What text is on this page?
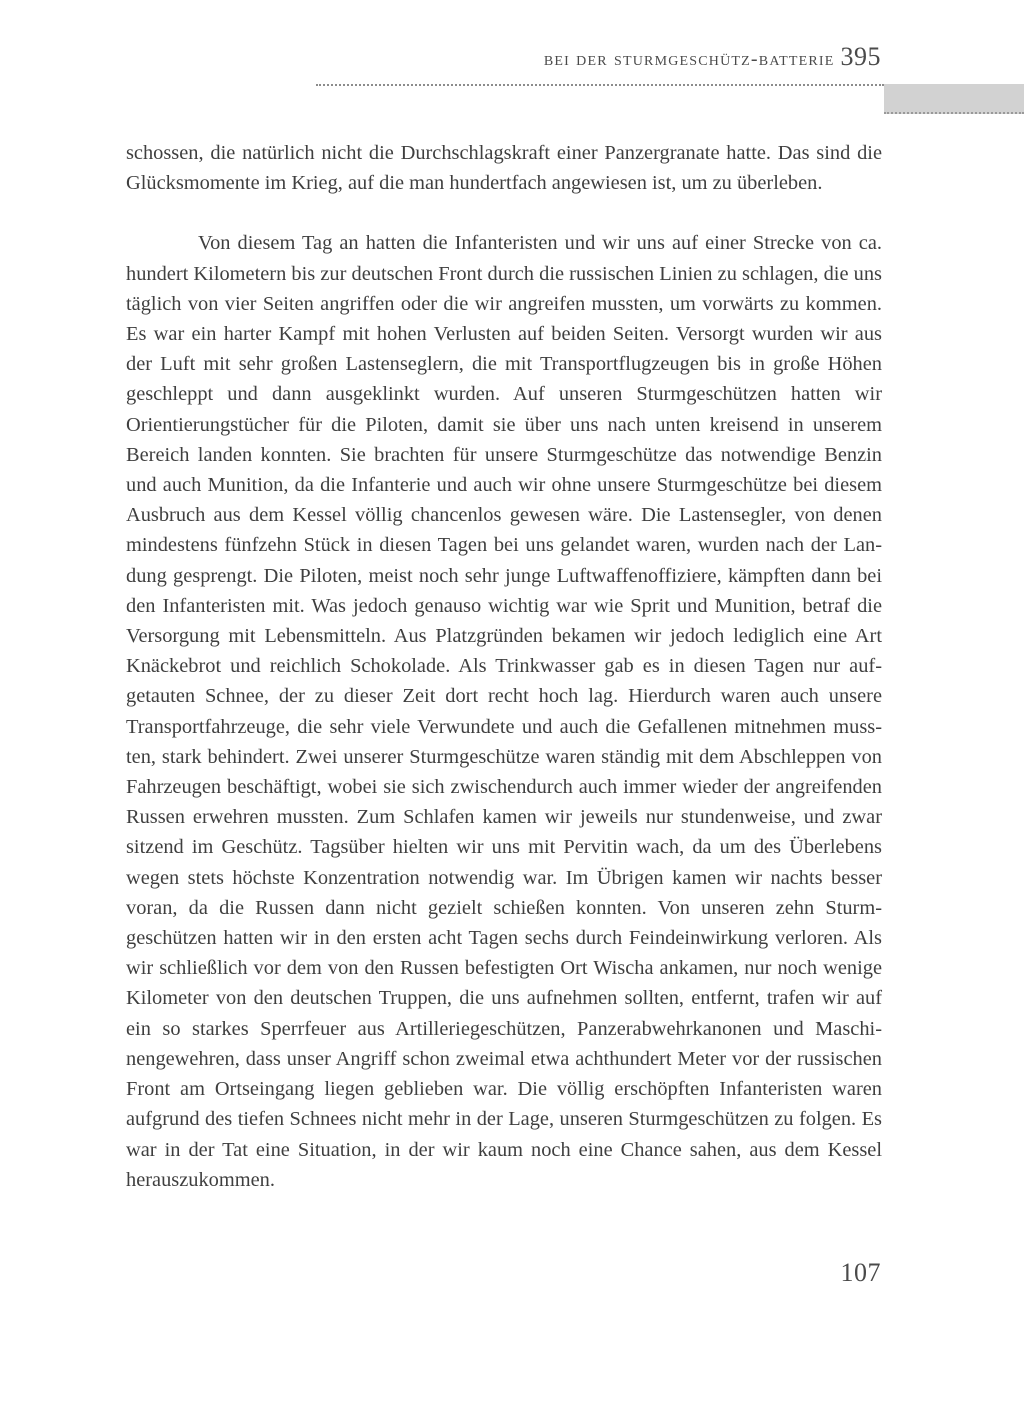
bei der sturmgeschütz-batterie 395

schossen, die natürlich nicht die Durchschlagskraft einer Panzergranate hatte. Das sind die Glücksmomente im Krieg, auf die man hundertfach angewiesen ist, um zu überleben.

Von diesem Tag an hatten die Infanteristen und wir uns auf einer Strecke von ca. hundert Kilometern bis zur deutschen Front durch die russischen Linien zu schlagen, die uns täglich von vier Seiten angriffen oder die wir angreifen mussten, um vorwärts zu kommen. Es war ein harter Kampf mit hohen Verlusten auf beiden Seiten. Versorgt wurden wir aus der Luft mit sehr großen Lastenseglern, die mit Transportflugzeugen bis in große Höhen geschleppt und dann ausgeklinkt wurden. Auf unseren Sturmgeschützen hatten wir Orientierungstücher für die Piloten, damit sie über uns nach unten kreisend in unserem Bereich landen konnten. Sie brachten für unsere Sturmgeschütze das notwendige Benzin und auch Munition, da die Infanterie und auch wir ohne unsere Sturmgeschütze bei diesem Ausbruch aus dem Kessel völlig chancenlos gewesen wäre. Die Lastensegler, von denen mindestens fünfzehn Stück in diesen Tagen bei uns gelandet waren, wurden nach der Landung gesprengt. Die Piloten, meist noch sehr junge Luftwaffenoffiziere, kämpften dann bei den Infanteristen mit. Was jedoch genauso wichtig war wie Sprit und Munition, betraf die Versorgung mit Lebensmitteln. Aus Platzgründen bekamen wir jedoch lediglich eine Art Knäckebrot und reichlich Schokolade. Als Trinkwasser gab es in diesen Tagen nur aufgetauten Schnee, der zu dieser Zeit dort recht hoch lag. Hierdurch waren auch unsere Transportfahrzeuge, die sehr viele Verwundete und auch die Gefallenen mitnehmen mussten, stark behindert. Zwei unserer Sturmgeschütze waren ständig mit dem Abschleppen von Fahrzeugen beschäftigt, wobei sie sich zwischendurch auch immer wieder der angreifenden Russen erwehren mussten. Zum Schlafen kamen wir jeweils nur stundenweise, und zwar sitzend im Geschütz. Tagsüber hielten wir uns mit Pervitin wach, da um des Überlebens wegen stets höchste Konzentration notwendig war. Im Übrigen kamen wir nachts besser voran, da die Russen dann nicht gezielt schießen konnten. Von unseren zehn Sturmgeschützen hatten wir in den ersten acht Tagen sechs durch Feindeinwirkung verloren. Als wir schließlich vor dem von den Russen befestigten Ort Wischa ankamen, nur noch wenige Kilometer von den deutschen Truppen, die uns aufnehmen sollten, entfernt, trafen wir auf ein so starkes Sperrfeuer aus Artilleriegeschützen, Panzerabwehrkanonen und Maschinengewehren, dass unser Angriff schon zweimal etwa achthundert Meter vor der russischen Front am Ortseingang liegen geblieben war. Die völlig erschöpften Infanteristen waren aufgrund des tiefen Schnees nicht mehr in der Lage, unseren Sturmgeschützen zu folgen. Es war in der Tat eine Situation, in der wir kaum noch eine Chance sahen, aus dem Kessel herauszukommen.

107
